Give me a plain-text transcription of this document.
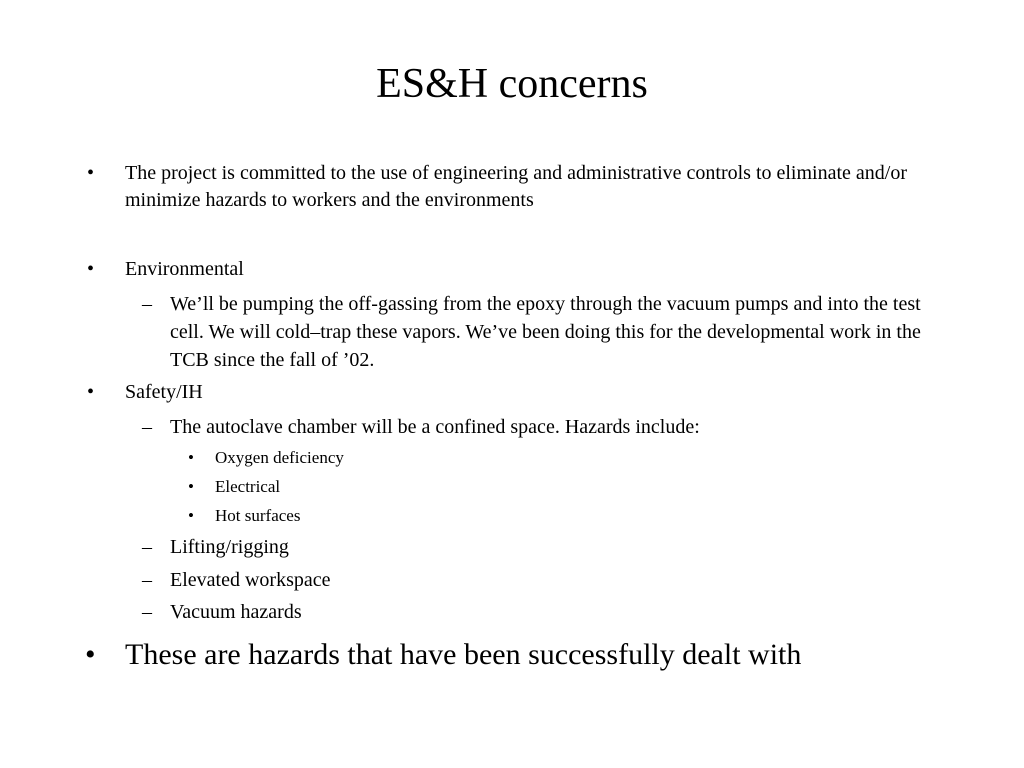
ES&H concerns
• The project is committed to the use of engineering and administrative controls to eliminate and/or minimize hazards to workers and the environments
• Environmental
– We’ll be pumping the off-gassing from the epoxy through the vacuum pumps and into the test cell. We will cold–trap these vapors. We’ve been doing this for the developmental work in the TCB since the fall of ’02.
• Safety/IH
– The autoclave chamber will be a confined space. Hazards include:
• Oxygen deficiency
• Electrical
• Hot surfaces
– Lifting/rigging
– Elevated workspace
– Vacuum hazards
• These are hazards that have been successfully dealt with
